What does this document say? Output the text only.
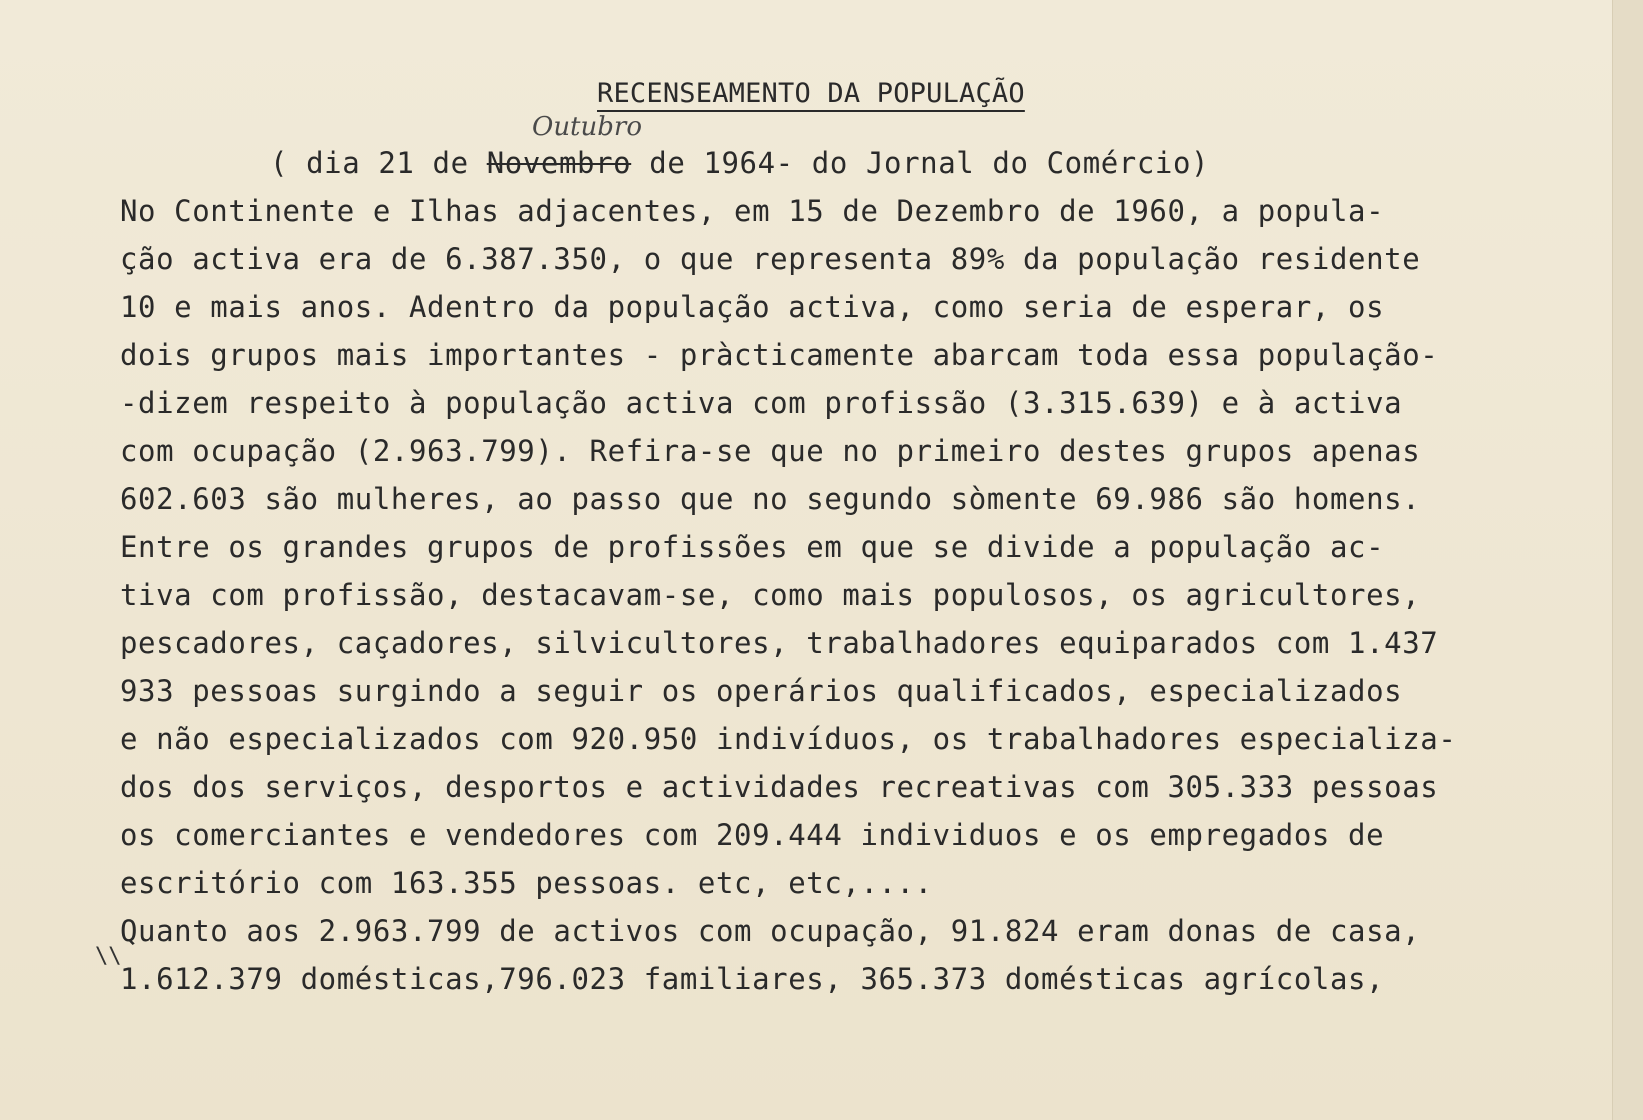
RECENSEAMENTO DA POPULAÇÃO

Outubro

( dia 21 de Novembro de 1964- do Jornal do Comércio)

\\

No Continente e Ilhas adjacentes, em 15 de Dezembro de 1960, a popula-

ção activa era de 6.387.350, o que representa 89% da população residente

10 e mais anos. Adentro da população activa, como seria de esperar, os

dois grupos mais importantes - pràcticamente abarcam toda essa população-

-dizem respeito à população activa com profissão (3.315.639) e à activa

com ocupação (2.963.799). Refira-se que no primeiro destes grupos apenas

602.603 são mulheres, ao passo que no segundo sòmente 69.986 são homens.

Entre os grandes grupos de profissões em que se divide a população ac-

tiva com profissão, destacavam-se, como mais populosos, os agricultores,

pescadores, caçadores, silvicultores, trabalhadores equiparados com 1.437

933 pessoas surgindo a seguir os operários qualificados, especializados

e não especializados com 920.950 indivíduos, os trabalhadores especializa-

dos dos serviços, desportos e actividades recreativas com 305.333 pessoas

os comerciantes e vendedores com 209.444 individuos e os empregados de

escritório com 163.355 pessoas. etc, etc,....

Quanto aos 2.963.799 de activos com ocupação, 91.824 eram donas de casa,

1.612.379 domésticas,796.023 familiares, 365.373 domésticas agrícolas,
